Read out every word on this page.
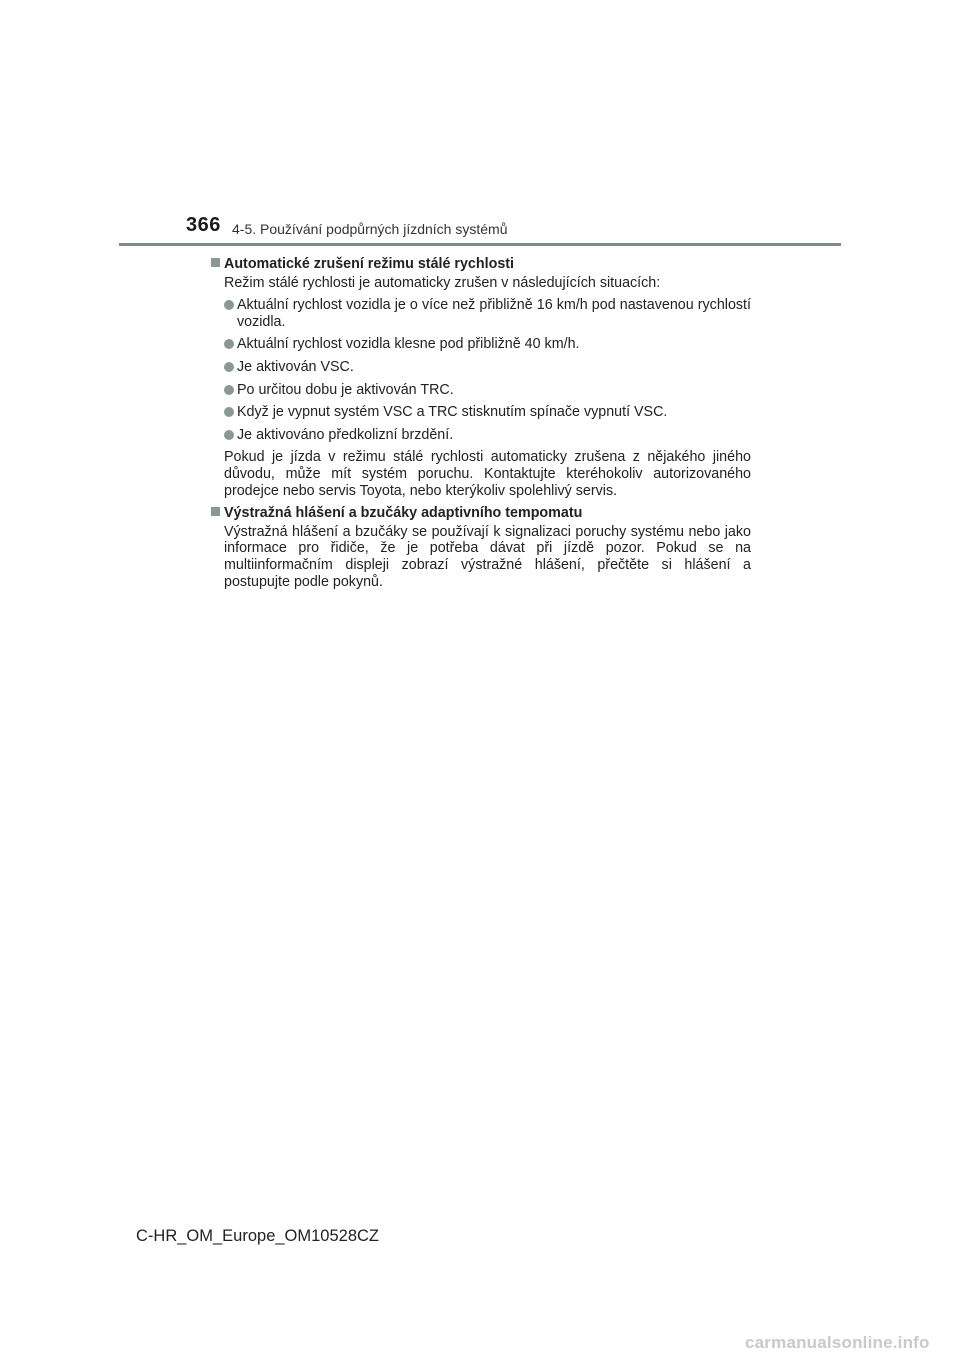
366 4-5. Používání podpůrných jízdních systémů
Automatické zrušení režimu stálé rychlosti
Režim stálé rychlosti je automaticky zrušen v následujících situacích:
Aktuální rychlost vozidla je o více než přibližně 16 km/h pod nastavenou rychlostí vozidla.
Aktuální rychlost vozidla klesne pod přibližně 40 km/h.
Je aktivován VSC.
Po určitou dobu je aktivován TRC.
Když je vypnut systém VSC a TRC stisknutím spínače vypnutí VSC.
Je aktivováno předkolizní brzdění.
Pokud je jízda v režimu stálé rychlosti automaticky zrušena z nějakého jiného důvodu, může mít systém poruchu. Kontaktujte kteréhokoliv autorizovaného prodejce nebo servis Toyota, nebo kterýkoliv spolehlivý servis.
Výstražná hlášení a bzučáky adaptivního tempomatu
Výstražná hlášení a bzučáky se používají k signalizaci poruchy systému nebo jako informace pro řidiče, že je potřeba dávat při jízdě pozor. Pokud se na multiinformačním displeji zobrazí výstražné hlášení, přečtěte si hlášení a postupujte podle pokynů.
C-HR_OM_Europe_OM10528CZ
carmanualsonline.info
